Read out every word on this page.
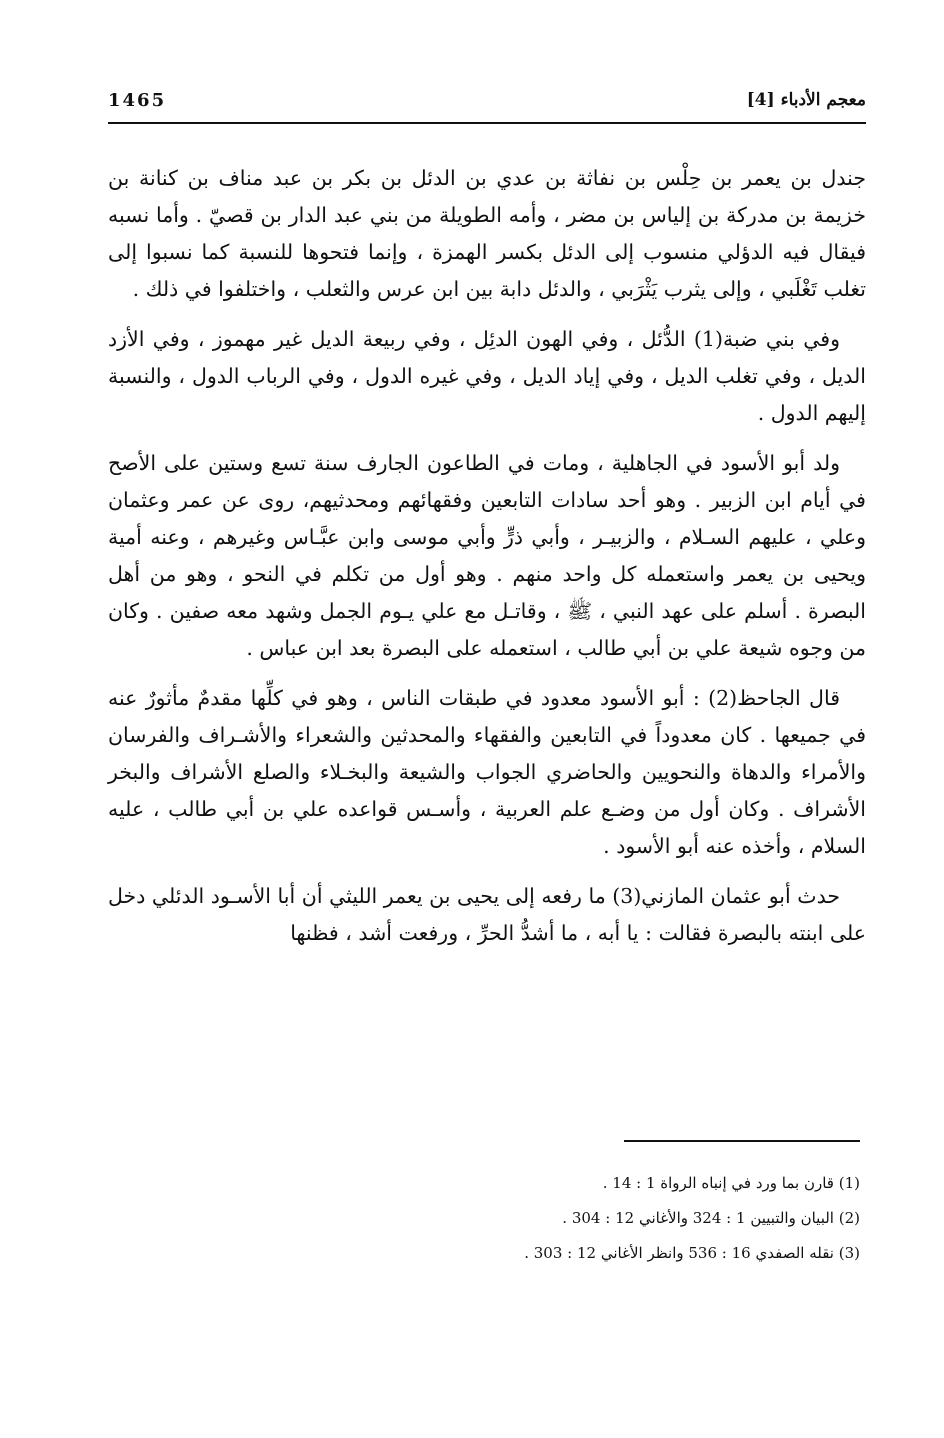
معجم الأدباء [4]
1465

جندل بن يعمر بن حِلْس بن نفاثة بن عدي بن الدئل بن بكر بن عبد مناف بن كنانة بن خزيمة بن مدركة بن إلياس بن مضر ، وأمه الطويلة من بني عبد الدار بن قصيّ . وأما نسبه فيقال فيه الدؤلي منسوب إلى الدئل بكسر الهمزة ، وإنما فتحوها للنسبة كما نسبوا إلى تغلب تَغْلَبي ، وإلى يثرب يَثْرَبي ، والدئل دابة بين ابن عرس والثعلب ، واختلفوا في ذلك .

وفي بني ضبة(1) الدُّئل ، وفي الهون الدئِل ، وفي ربيعة الديل غير مهموز ، وفي الأزد الديل ، وفي تغلب الديل ، وفي إياد الديل ، وفي غيره الدول ، وفي الرباب الدول ، والنسبة إليهم الدول .

ولد أبو الأسود في الجاهلية ، ومات في الطاعون الجارف سنة تسع وستين على الأصح في أيام ابن الزبير . وهو أحد سادات التابعين وفقهائهم ومحدثيهم، روى عن عمر وعثمان وعلي ، عليهم السـلام ، والزبيـر ، وأبي ذرٍّ وأبي موسى وابن عبَّـاس وغيرهم ، وعنه أمية ويحيى بن يعمر واستعمله كل واحد منهم . وهو أول من تكلم في النحو ، وهو من أهل البصرة . أسلم على عهد النبي ، ﷺ ، وقاتـل مع علي يـوم الجمل وشهد معه صفين . وكان من وجوه شيعة علي بن أبي طالب ، استعمله على البصرة بعد ابن عباس .

قال الجاحظ(2) : أبو الأسود معدود في طبقات الناس ، وهو في كلِّها مقدمٌ مأثورٌ عنه في جميعها . كان معدوداً في التابعين والفقهاء والمحدثين والشعراء والأشـراف والفرسان والأمراء والدهاة والنحويين والحاضري الجواب والشيعة والبخـلاء والصلع الأشراف والبخر الأشراف . وكان أول من وضـع علم العربية ، وأسـس قواعده علي بن أبي طالب ، عليه السلام ، وأخذه عنه أبو الأسود .

حدث أبو عثمان المازني(3) ما رفعه إلى يحيى بن يعمر الليثي أن أبا الأسـود الدئلي دخل على ابنته بالبصرة فقالت : يا أبه ، ما أشدُّ الحرِّ ، ورفعت أشد ، فظنها

(1) قارن بما ورد في إنباه الرواة 1 : 14 .
(2) البيان والتبيين 1 : 324 والأغاني 12 : 304 .
(3) نقله الصفدي 16 : 536 وانظر الأغاني 12 : 303 .
